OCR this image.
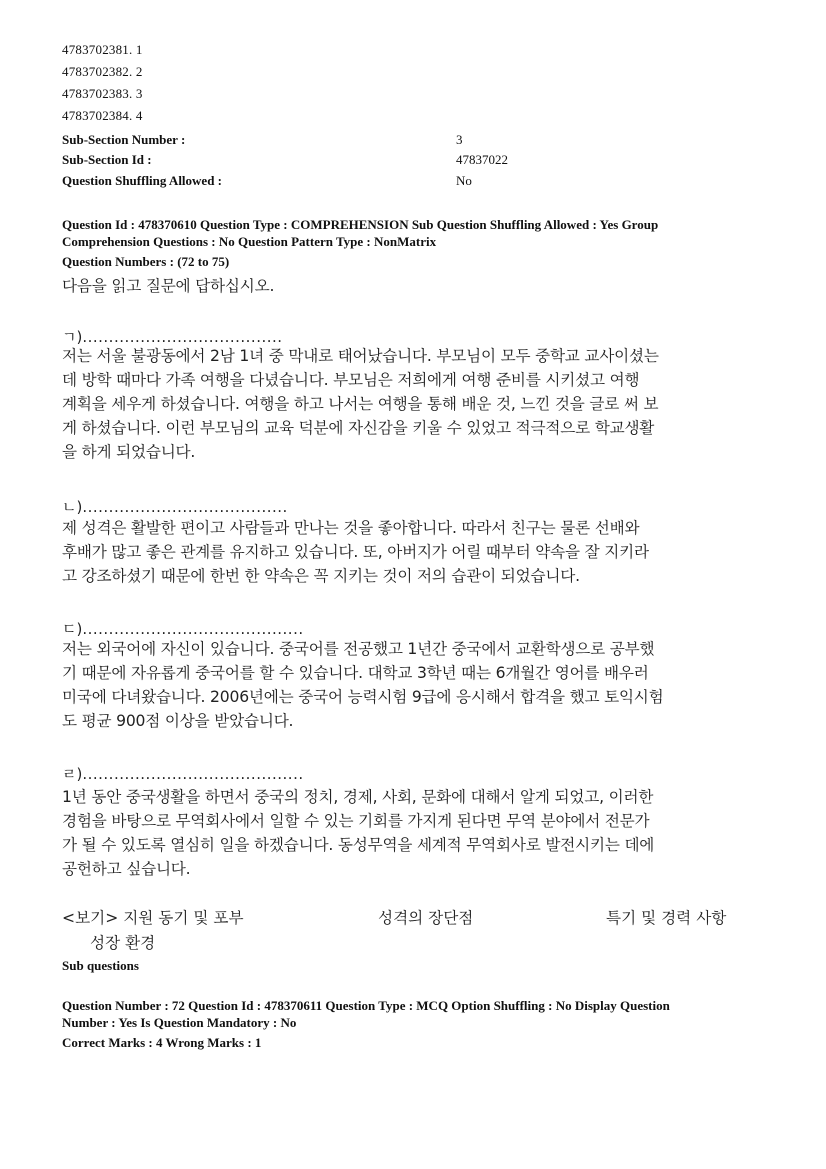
4783702381. 1
4783702382. 2
4783702383. 3
4783702384. 4
Sub-Section Number :	3
Sub-Section Id :	47837022
Question Shuffling Allowed :	No
Question Id : 478370610 Question Type : COMPREHENSION Sub Question Shuffling Allowed : Yes Group
Comprehension Questions : No Question Pattern Type : NonMatrix
Question Numbers : (72 to 75)
다음을 읽고 질문에 답하십시오.
ㄱ)......................................
저는 서울 불광동에서 2남 1녀 중 막내로 태어났습니다. 부모님이 모두 중학교 교사이셨는
데 방학 때마다 가족 여행을 다녔습니다. 부모님은 저희에게 여행 준비를 시키셨고 여행
계획을 세우게 하셨습니다. 여행을 하고 나서는 여행을 통해 배운 것, 느낀 것을 글로 써 보
게 하셨습니다. 이런 부모님의 교육 덕분에 자신감을 키울 수 있었고 적극적으로 학교생활
을 하게 되었습니다.
ㄴ).......................................
제 성격은 활발한 편이고 사람들과 만나는 것을 좋아합니다. 따라서 친구는 물론 선배와
후배가 많고 좋은 관계를 유지하고 있습니다. 또, 아버지가 어릴 때부터 약속을 잘 지키라
고 강조하셨기 때문에 한번 한 약속은 꼭 지키는 것이 저의 습관이 되었습니다.
ㄷ)..........................................
저는 외국어에 자신이 있습니다. 중국어를 전공했고 1년간 중국에서 교환학생으로 공부했
기 때문에 자유롭게 중국어를 할 수 있습니다. 대학교 3학년 때는 6개월간 영어를 배우러
미국에 다녀왔습니다. 2006년에는 중국어 능력시험 9급에 응시해서 합격을 했고 토익시험
도 평균 900점 이상을 받았습니다.
ㄹ)..........................................
1년 동안 중국생활을 하면서 중국의 정치, 경제, 사회, 문화에 대해서 알게 되었고, 이러한
경험을 바탕으로 무역회사에서 일할 수 있는 기회를 가지게 된다면 무역 분야에서 전문가
가 될 수 있도록 열심히 일을 하겠습니다. 동성무역을 세계적 무역회사로 발전시키는 데에
공헌하고 싶습니다.
<보기> 지원 동기 및 포부	성격의 장단점	특기 및 경력 사항
성장 환경
Sub questions
Question Number : 72 Question Id : 478370611 Question Type : MCQ Option Shuffling : No Display Question
Number : Yes Is Question Mandatory : No
Correct Marks : 4 Wrong Marks : 1
